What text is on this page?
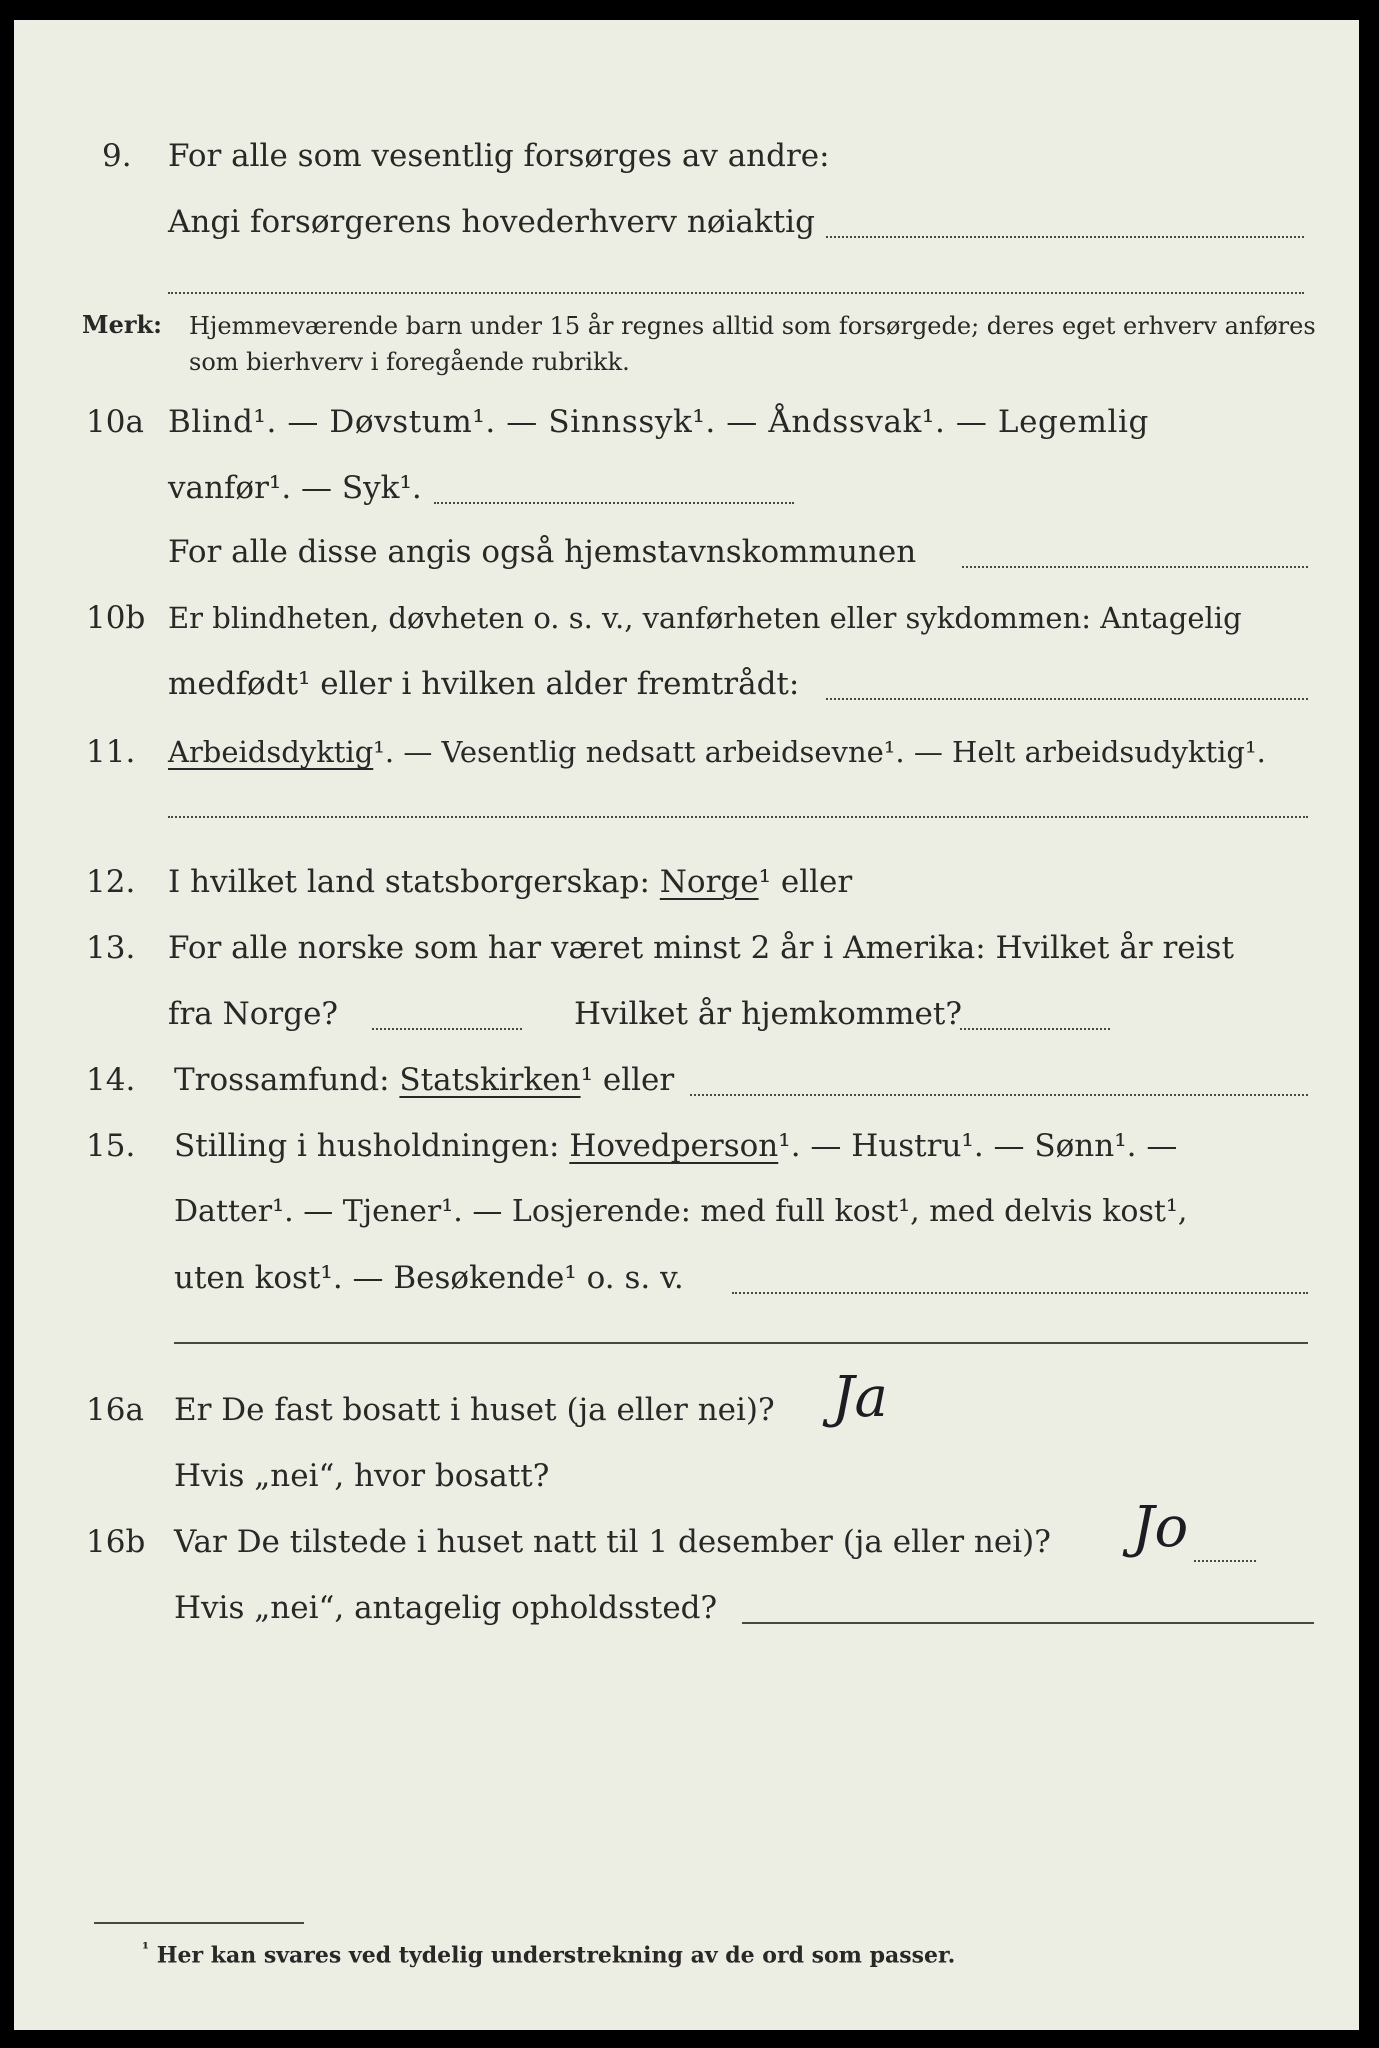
9. For alle som vesentlig forsørges av andre:
Angi forsørgerens hovederhverv nøiaktig
Merk: Hjemmeværende barn under 15 år regnes alltid som forsørgede; deres eget erhverv anføres som bierhverv i foregående rubrikk.
10a Blind¹. — Døvstum¹. — Sinnssyk¹. — Åndssvak¹. — Legemlig
vanfør¹. — Syk¹.
For alle disse angis også hjemstavnskommunen
10b Er blindheten, døvheten o. s. v., vanførheten eller sykdommen: Antagelig
medfødt¹ eller i hvilken alder fremtrådt:
11. Arbeidsdyktig¹. — Vesentlig nedsatt arbeidsevne¹. — Helt arbeidsudyktig¹.
12. I hvilket land statsborgerskap: Norge¹ eller
13. For alle norske som har været minst 2 år i Amerika: Hvilket år reist
fra Norge?	Hvilket år hjemkommet?
14. Trossamfund: Statskirken¹ eller
15. Stilling i husholdningen: Hovedperson¹. — Hustru¹. — Sønn¹. —
Datter¹. — Tjener¹. — Losjerende: med full kost¹, med delvis kost¹,
uten kost¹. — Besøkende¹ o. s. v.
16a Er De fast bosatt i huset (ja eller nei)? Ja
Hvis „nei“, hvor bosatt?
16b Var De tilstede i huset natt til 1 desember (ja eller nei)? Jo
Hvis „nei“, antagelig opholdssted?
$^{^1}$ Her kan svares ved tydelig understrekning av de ord som passer.
